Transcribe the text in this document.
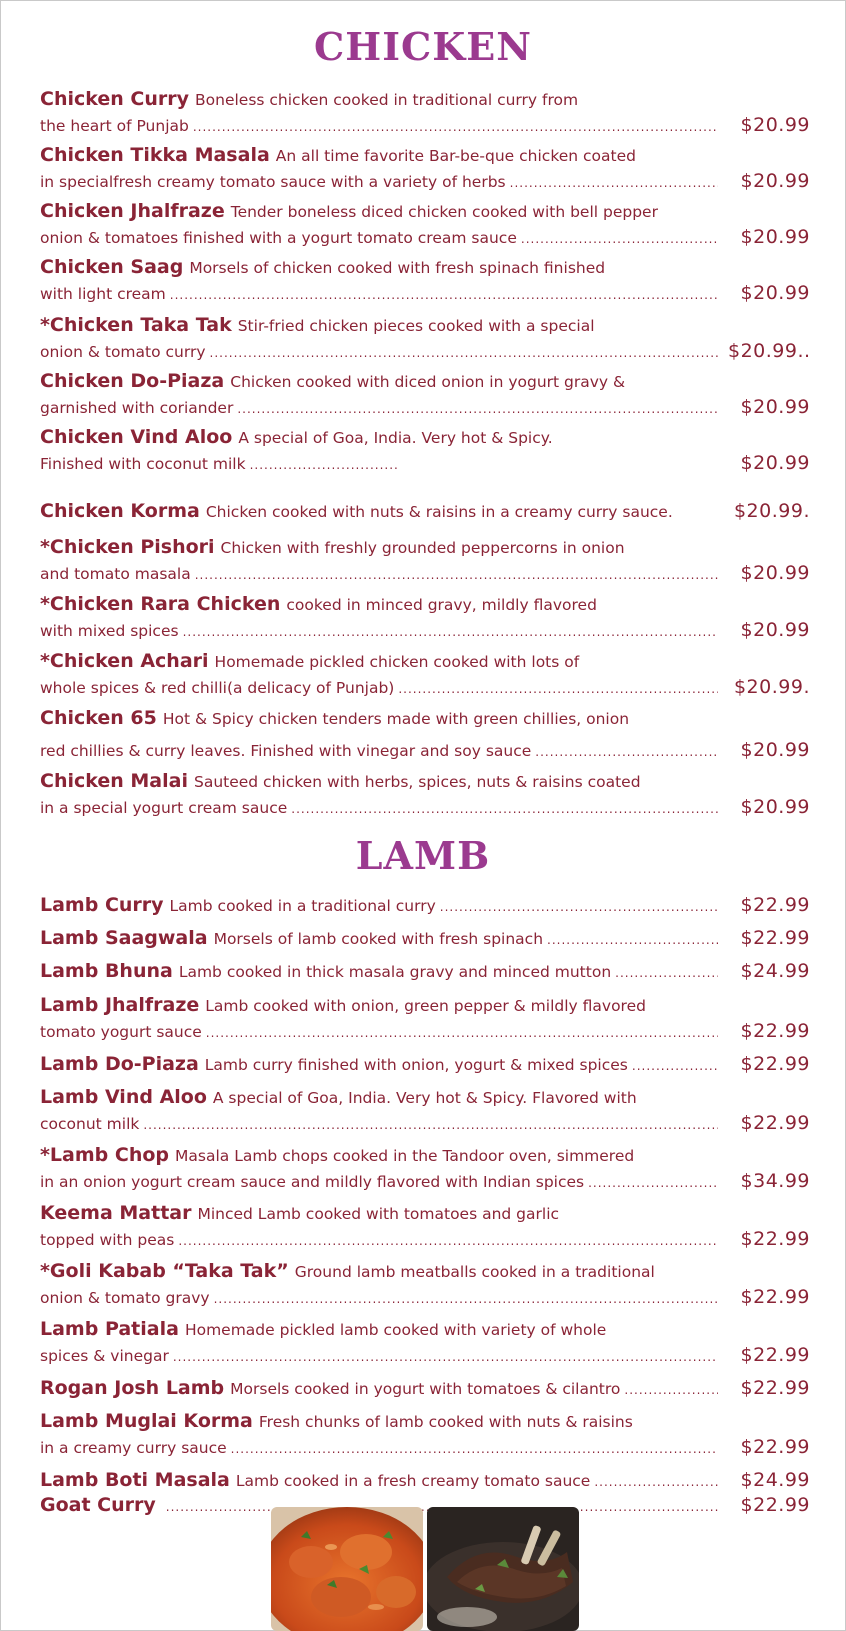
CHICKEN
Chicken Curry Boneless chicken cooked in traditional curry from
the heart of Punjab .....	$20.99
Chicken Tikka Masala An all time favorite Bar-be-que chicken coated
in specialfresh creamy tomato sauce with a variety of herbs .....	$20.99
Chicken Jhalfraze Tender boneless diced chicken cooked with bell pepper
onion & tomatoes finished with a yogurt tomato cream sauce .....	$20.99
Chicken Saag Morsels of chicken cooked with fresh spinach finished
with light cream .....	$20.99
*Chicken Taka Tak Stir-fried chicken pieces cooked with a special
onion & tomato curry .....	$20.99..
Chicken Do-Piaza Chicken cooked with diced onion in yogurt gravy &
garnished with coriander .....	$20.99
Chicken Vind Aloo A special of Goa, India. Very hot & Spicy.
Finished with coconut milk .....	$20.99
Chicken Korma Chicken cooked with nuts & raisins in a creamy curry sauce.	$20.99.
*Chicken Pishori Chicken with freshly grounded peppercorns in onion
and tomato masala .....	$20.99
*Chicken Rara Chicken cooked in minced gravy, mildly flavored
with mixed spices .....	$20.99
*Chicken Achari Homemade pickled chicken cooked with lots of
whole spices & red chilli(a delicacy of Punjab) .....	$20.99.
Chicken 65 Hot & Spicy chicken tenders made with green chillies, onion
red chillies & curry leaves. Finished with vinegar and soy sauce .....	$20.99
Chicken Malai Sauteed chicken with herbs, spices, nuts & raisins coated
in a special yogurt cream sauce .....	$20.99
LAMB
Lamb Curry Lamb cooked in a traditional curry .....	$22.99
Lamb Saagwala Morsels of lamb cooked with fresh spinach .....	$22.99
Lamb Bhuna Lamb cooked in thick masala gravy and minced mutton .....	$24.99
Lamb Jhalfraze Lamb cooked with onion, green pepper & mildly flavored
tomato yogurt sauce .....	$22.99
Lamb Do-Piaza Lamb curry finished with onion, yogurt & mixed spices .....	$22.99
Lamb Vind Aloo A special of Goa, India. Very hot & Spicy. Flavored with
coconut milk .....	$22.99
*Lamb Chop Masala Lamb chops cooked in the Tandoor oven, simmered
in an onion yogurt cream sauce and mildly flavored with Indian spices .....	$34.99
Keema Mattar Minced Lamb cooked with tomatoes and garlic
topped with peas .....	$22.99
*Goli Kabab “Taka Tak” Ground lamb meatballs cooked in a traditional
onion & tomato gravy .....	$22.99
Lamb Patiala Homemade pickled lamb cooked with variety of whole
spices & vinegar .....	$22.99
Rogan Josh Lamb Morsels cooked in yogurt with tomatoes & cilantro .....	$22.99
Lamb Muglai Korma Fresh chunks of lamb cooked with nuts & raisins
in a creamy curry sauce .....	$22.99
Lamb Boti Masala Lamb cooked in a fresh creamy tomato sauce .....	$24.99
Goat Curry .....	$22.99
